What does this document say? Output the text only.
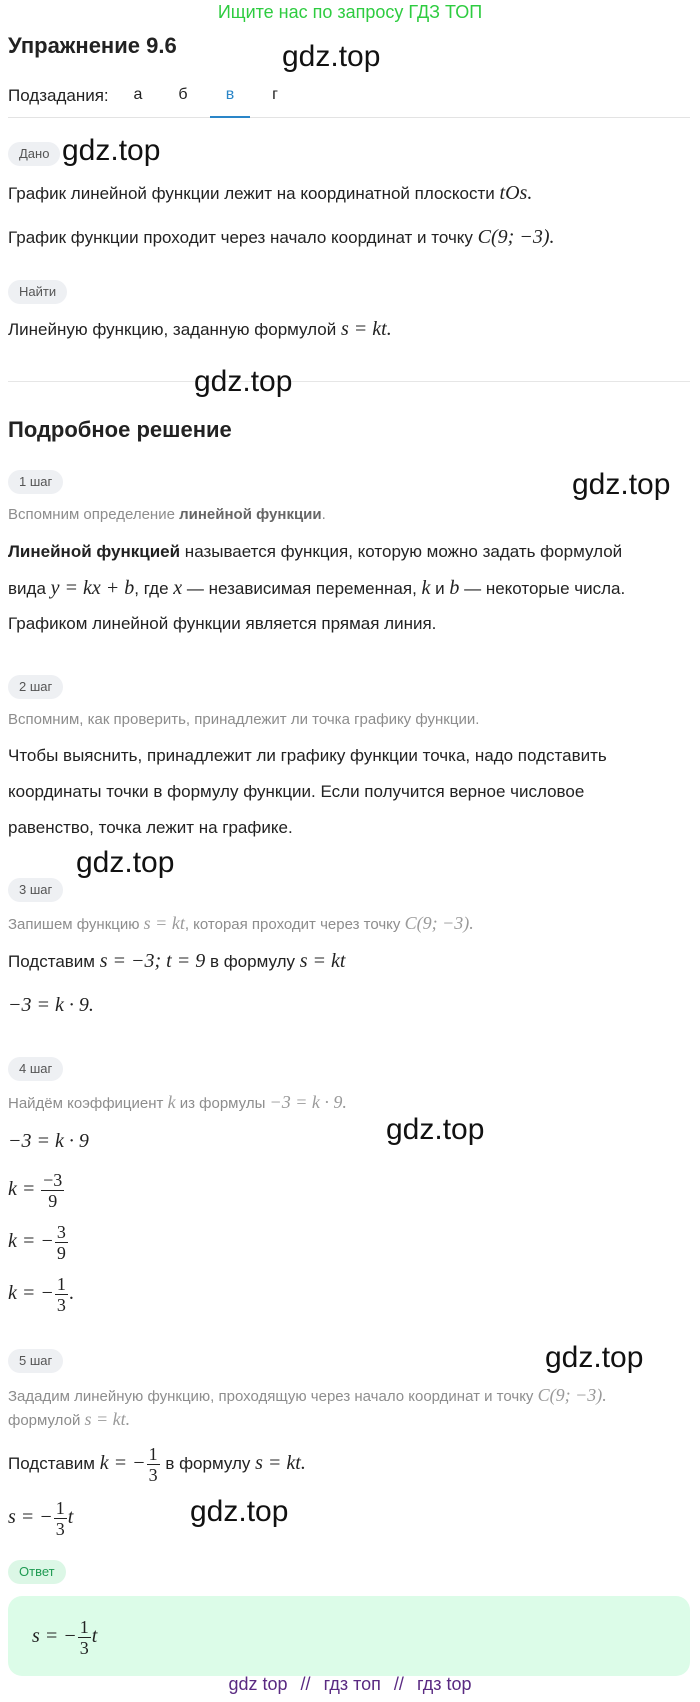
Ищите нас по запросу ГДЗ ТОП
Упражнение 9.6	gdz.top
Подзадания:	а	б	в	г
Дано gdz.top
График линейной функции лежит на координатной плоскости tOs.
График функции проходит через начало координат и точку C(9; −3).
Найти
Линейную функцию, заданную формулой s = kt.
gdz.top
Подробное решение
1 шаг	gdz.top
Вспомним определение линейной функции.
Линейной функцией называется функция, которую можно задать формулой
вида y = kx + b, где x — независимая переменная, k и b — некоторые числа.
Графиком линейной функции является прямая линия.
2 шаг
Вспомним, как проверить, принадлежит ли точка графику функции.
Чтобы выяснить, принадлежит ли графику функции точка, надо подставить
координаты точки в формулу функции. Если получится верное числовое
равенство, точка лежит на графике.
gdz.top
3 шаг
Запишем функцию s = kt, которая проходит через точку C(9; −3).
Подставим s = −3; t = 9 в формулу s = kt
−3 = k · 9.
4 шаг
Найдём коэффициент k из формулы −3 = k · 9.
gdz.top
−3 = k · 9
$k = \frac{-3}{9}$
k = − $\frac{3}{9}$
k = − $\frac{1}{3}$ .
5 шаг	gdz.top
Зададим линейную функцию, проходящую через начало координат и точку C(9; −3).
формулой s = kt.
Подставим k = − $\frac{1}{3}$ в формулу s = kt.
s = − $\frac{1}{3}$ t	gdz.top
Ответ
s = − $\frac{1}{3}$ t
gdz top // гдз топ // гдз top
